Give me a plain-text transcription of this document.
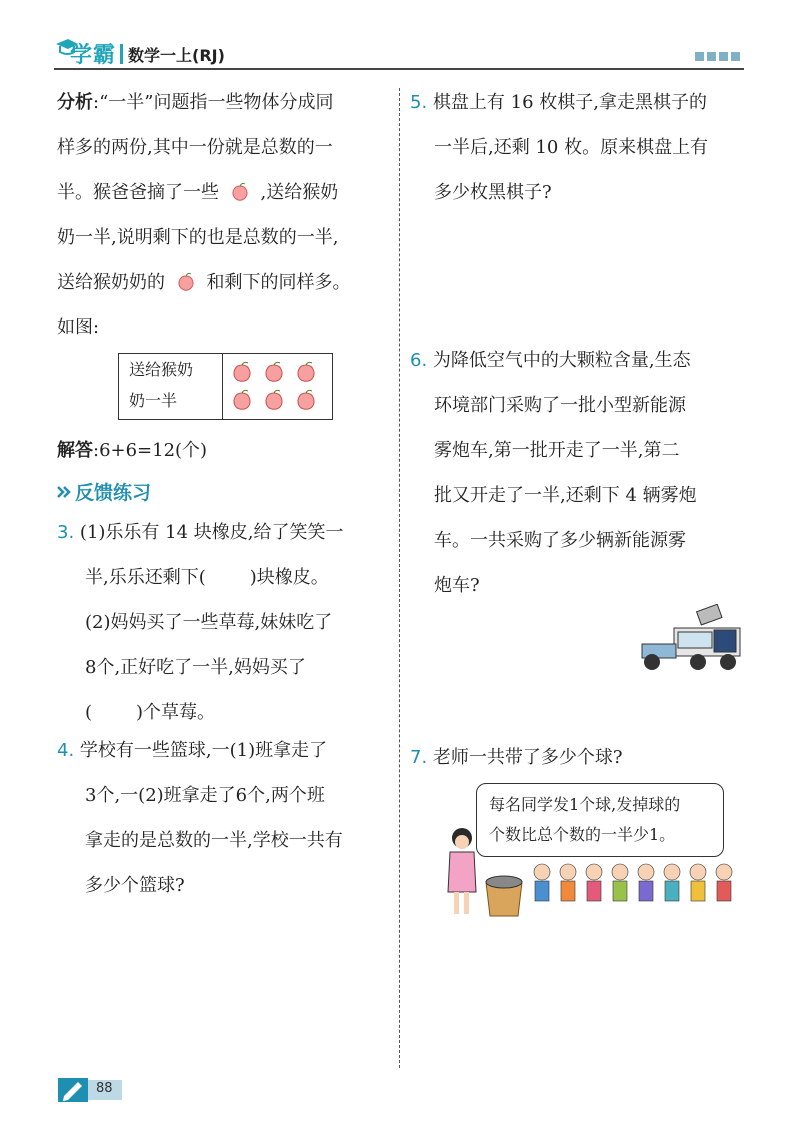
学霸 数学一上(RJ)
分析:“一半”问题指一些物体分成同
样多的两份,其中一份就是总数的一
半。猴爸爸摘了一些 ,送给猴奶
奶一半,说明剩下的也是总数的一半,
送给猴奶奶的 和剩下的同样多。
如图:
送给猴奶
奶一半
解答:6+6=12(个)
反馈练习
3. (1)乐乐有 14 块橡皮,给了笑笑一
半,乐乐还剩下( )块橡皮。
(2)妈妈买了一些草莓,妹妹吃了
8个,正好吃了一半,妈妈买了
( )个草莓。
4. 学校有一些篮球,一(1)班拿走了
3个,一(2)班拿走了6个,两个班
拿走的是总数的一半,学校一共有
多少个篮球?
5. 棋盘上有 16 枚棋子,拿走黑棋子的
一半后,还剩 10 枚。原来棋盘上有
多少枚黑棋子?
6. 为降低空气中的大颗粒含量,生态
环境部门采购了一批小型新能源
雾炮车,第一批开走了一半,第二
批又开走了一半,还剩下 4 辆雾炮
车。一共采购了多少辆新能源雾
炮车?
7. 老师一共带了多少个球?
每名同学发1个球,发掉球的
个数比总个数的一半少1。
88
